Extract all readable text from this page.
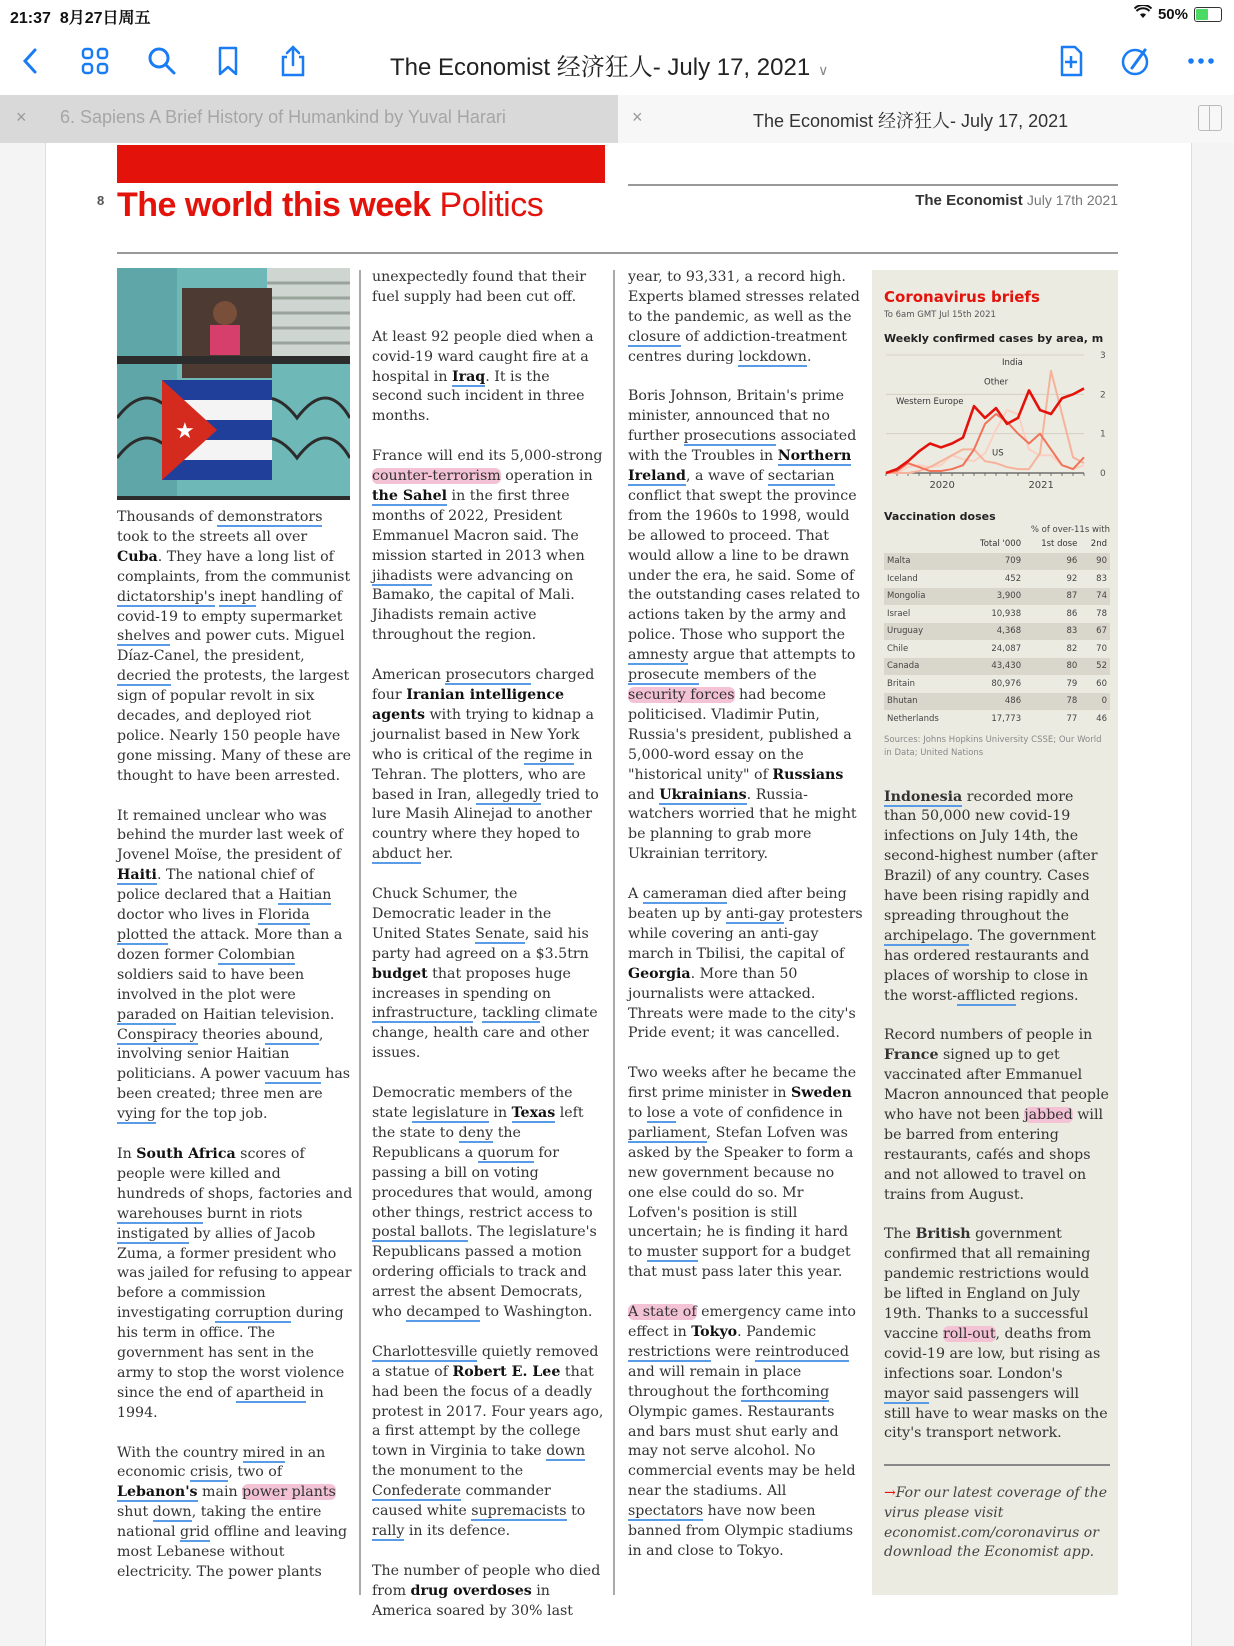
21:37 8月27日周五	50%
The Economist 经济狂人- July 17, 2021 ∨
× 6. Sapiens A Brief History of Humankind by Yuval Harari	×	The Economist 经济狂人- July 17, 2021
8 The world this week Politics	The Economist July 17th 2021
★

Thousands of demonstrators took to the streets all over Cuba. They have a long list of complaints, from the communist dictatorship's inept handling of covid-19 to empty supermarket shelves and power cuts. Miguel Díaz-Canel, the president, decried the protests, the largest sign of popular revolt in six decades, and deployed riot police. Nearly 150 people have gone missing. Many of these are thought to have been arrested.

It remained unclear who was behind the murder last week of Jovenel Moïse, the president of Haiti. The national chief of police declared that a Haitian doctor who lives in Florida plotted the attack. More than a dozen former Colombian soldiers said to have been involved in the plot were paraded on Haitian television. Conspiracy theories abound, involving senior Haitian politicians. A power vacuum has been created; three men are vying for the top job.

In South Africa scores of people were killed and hundreds of shops, factories and warehouses burnt in riots instigated by allies of Jacob Zuma, a former president who was jailed for refusing to appear before a commission investigating corruption during his term in office. The government has sent in the army to stop the worst violence since the end of apartheid in 1994.

With the country mired in an economic crisis, two of Lebanon's main power plants shut down, taking the entire national grid offline and leaving most Lebanese without electricity. The power plants

unexpectedly found that their fuel supply had been cut off.

At least 92 people died when a covid-19 ward caught fire at a hospital in Iraq. It is the second such incident in three months.

France will end its 5,000-strong counter-terrorism operation in the Sahel in the first three months of 2022, President Emmanuel Macron said. The mission started in 2013 when jihadists were advancing on Bamako, the capital of Mali. Jihadists remain active throughout the region.

American prosecutors charged four Iranian intelligence agents with trying to kidnap a journalist based in New York who is critical of the regime in Tehran. The plotters, who are based in Iran, allegedly tried to lure Masih Alinejad to another country where they hoped to abduct her.

Chuck Schumer, the Democratic leader in the United States Senate, said his party had agreed on a $3.5trn budget that proposes huge increases in spending on infrastructure, tackling climate change, health care and other issues.

Democratic members of the state legislature in Texas left the state to deny the Republicans a quorum for passing a bill on voting procedures that would, among other things, restrict access to postal ballots. The legislature's Republicans passed a motion ordering officials to track and arrest the absent Democrats, who decamped to Washington.

Charlottesville quietly removed a statue of Robert E. Lee that had been the focus of a deadly protest in 2017. Four years ago, a first attempt by the college town in Virginia to take down the monument to the Confederate commander caused white supremacists to rally in its defence.

The number of people who died from drug overdoses in America soared by 30% last

year, to 93,331, a record high. Experts blamed stresses related to the pandemic, as well as the closure of addiction-treatment centres during lockdown.

Boris Johnson, Britain's prime minister, announced that no further prosecutions associated with the Troubles in Northern Ireland, a wave of sectarian conflict that swept the province from the 1960s to 1998, would be allowed to proceed. That would allow a line to be drawn under the era, he said. Some of the outstanding cases related to actions taken by the army and police. Those who support the amnesty argue that attempts to prosecute members of the security forces had become politicised. Vladimir Putin, Russia's president, published a 5,000-word essay on the "historical unity" of Russians and Ukrainians. Russia-watchers worried that he might be planning to grab more Ukrainian territory.

A cameraman died after being beaten up by anti-gay protesters while covering an anti-gay march in Tbilisi, the capital of Georgia. More than 50 journalists were attacked. Threats were made to the city's Pride event; it was cancelled.

Two weeks after he became the first prime minister in Sweden to lose a vote of confidence in parliament, Stefan Lofven was asked by the Speaker to form a new government because no one else could do so. Mr Lofven's position is still uncertain; he is finding it hard to muster support for a budget that must pass later this year.

A state of emergency came into effect in Tokyo. Pandemic restrictions were reintroduced and will remain in place throughout the forthcoming Olympic games. Restaurants and bars must shut early and may not serve alcohol. No commercial events may be held near the stadiums. All spectators have now been banned from Olympic stadiums in and close to Tokyo.

Coronavirus briefs
To 6am GMT Jul 15th 2021
Weekly confirmed cases by area, m
0
1
2
3
2020	2021
Other
Western Europe
India
US
Vaccination doses
% of over-11s with
	Total '000	1st dose	2nd
Malta	709	96	90
Iceland	452	92	83
Mongolia	3,900	87	74
Israel	10,938	86	78
Uruguay	4,368	83	67
Chile	24,087	82	70
Canada	43,430	80	52
Britain	80,976	79	60
Bhutan	486	78	0
Netherlands	17,773	77	46
Sources: Johns Hopkins University CSSE; Our World in Data; United Nations

Indonesia recorded more than 50,000 new covid-19 infections on July 14th, the second-highest number (after Brazil) of any country. Cases have been rising rapidly and spreading throughout the archipelago. The government has ordered restaurants and places of worship to close in the worst-afflicted regions.

Record numbers of people in France signed up to get vaccinated after Emmanuel Macron announced that people who have not been jabbed will be barred from entering restaurants, cafés and shops and not allowed to travel on trains from August.

The British government confirmed that all remaining pandemic restrictions would be lifted in England on July 19th. Thanks to a successful vaccine roll-out, deaths from covid-19 are low, but rising as infections soar. London's mayor said passengers will still have to wear masks on the city's transport network.

→For our latest coverage of the virus please visit economist.com/coronavirus or download the Economist app.
